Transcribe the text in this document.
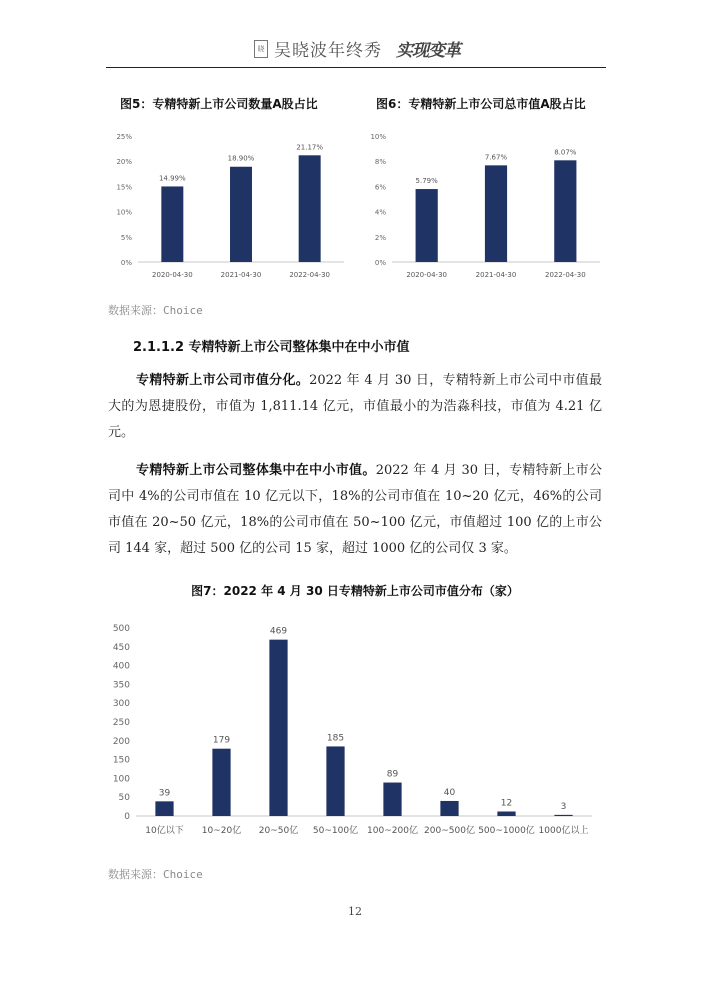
晓 吴晓波年终秀 实现变革
图5：专精特新上市公司数量A股占比
0%
5%
10%
15%
20%
25%
14.99%
2020-04-30
18.90%
2021-04-30
21.17%
2022-04-30
图6：专精特新上市公司总市值A股占比
0%
2%
4%
6%
8%
10%
5.79%
2020-04-30
7.67%
2021-04-30
8.07%
2022-04-30
数据来源：Choice
2.1.1.2 专精特新上市公司整体集中在中小市值
专精特新上市公司市值分化。2022 年 4 月 30 日，专精特新上市公司中市值最大的为恩捷股份，市值为 1,811.14 亿元，市值最小的为浩淼科技，市值为 4.21 亿元。
专精特新上市公司整体集中在中小市值。2022 年 4 月 30 日，专精特新上市公司中 4%的公司市值在 10 亿元以下，18%的公司市值在 10~20 亿元，46%的公司市值在 20~50 亿元，18%的公司市值在 50~100 亿元，市值超过 100 亿的上市公司 144 家，超过 500 亿的公司 15 家，超过 1000 亿的公司仅 3 家。
图7：2022 年 4 月 30 日专精特新上市公司市值分布（家）
0
50
100
150
200
250
300
350
400
450
500
39
10亿以下
179
10~20亿
469
20~50亿
185
50~100亿
89
100~200亿
40
200~500亿
12
500~1000亿
3
1000亿以上
数据来源：Choice
12
